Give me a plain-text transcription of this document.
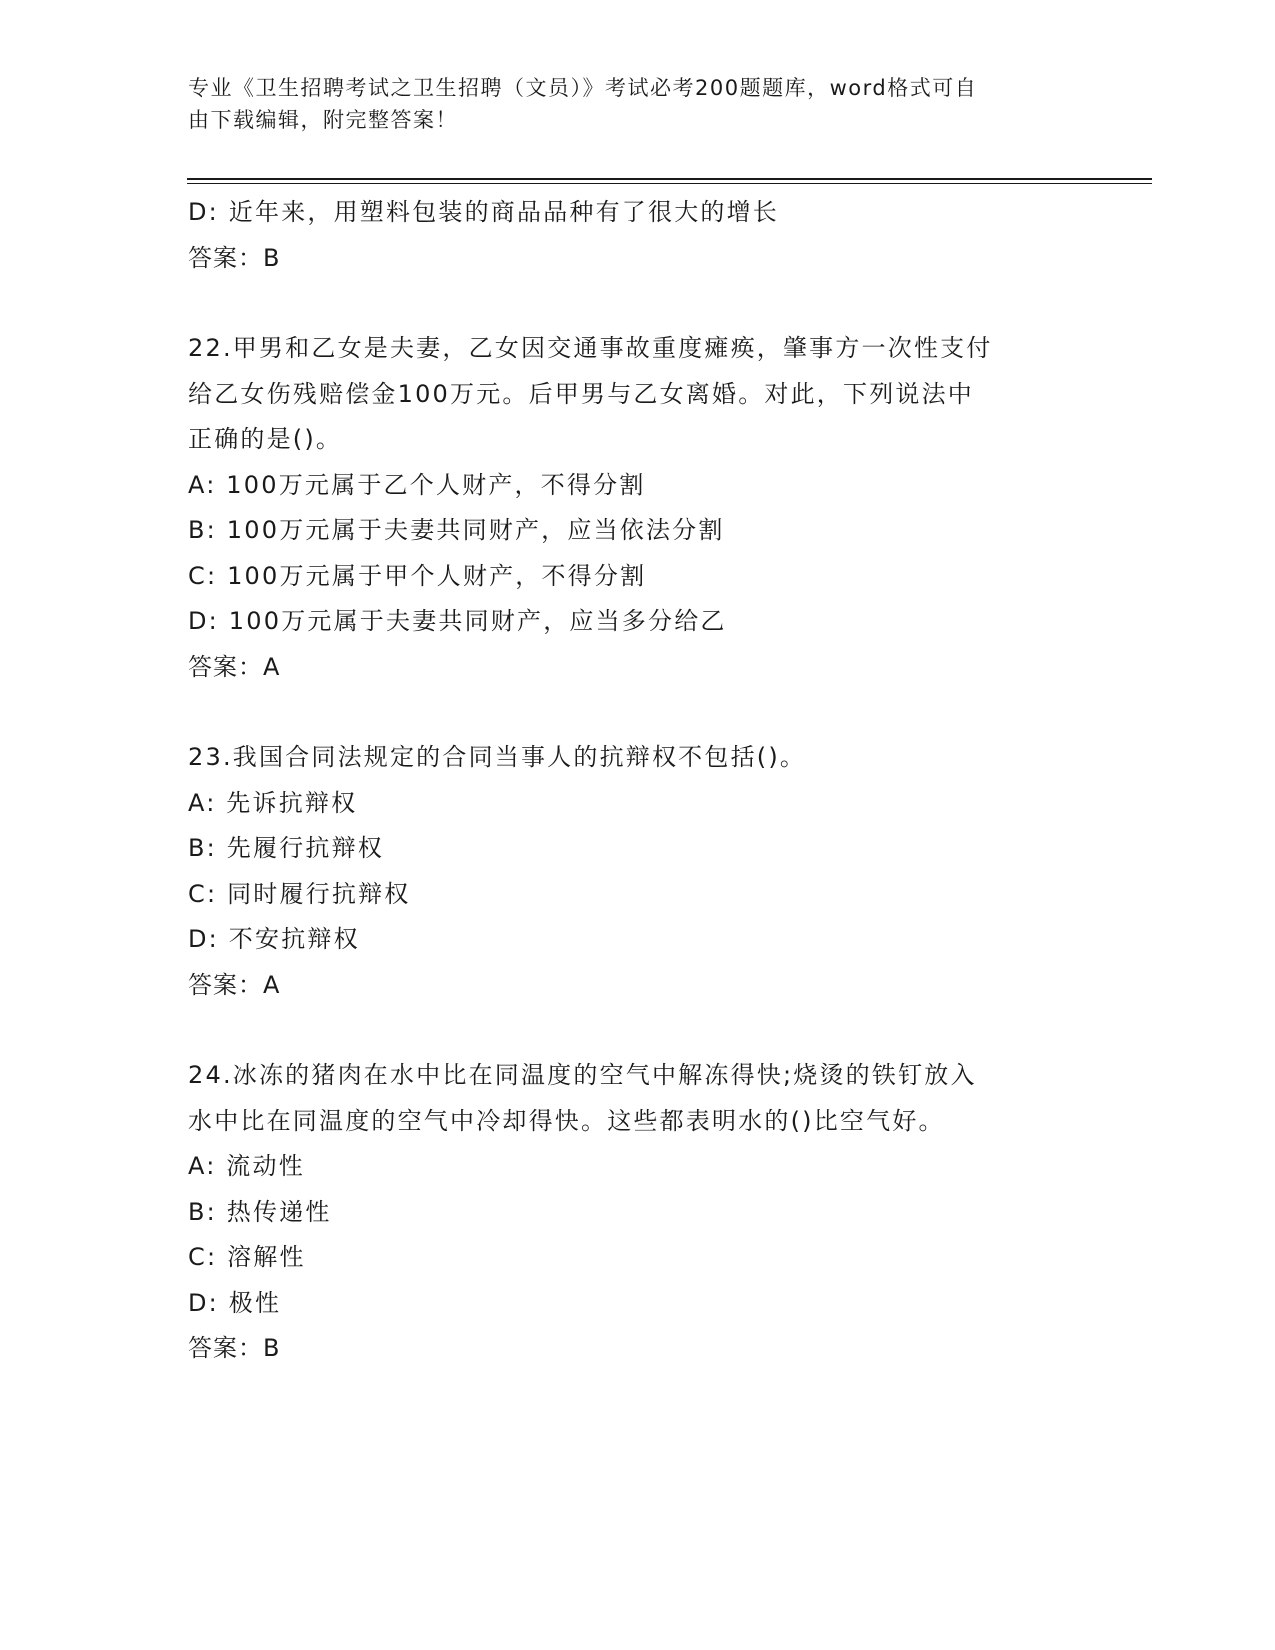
专业《卫生招聘考试之卫生招聘（文员）》考试必考200题题库，word格式可自
由下载编辑，附完整答案！
D: 近年来，用塑料包装的商品品种有了很大的增长
答案：B
22.甲男和乙女是夫妻，乙女因交通事故重度瘫痪，肇事方一次性支付
给乙女伤残赔偿金100万元。后甲男与乙女离婚。对此，下列说法中
正确的是()。
A: 100万元属于乙个人财产，不得分割
B: 100万元属于夫妻共同财产，应当依法分割
C: 100万元属于甲个人财产，不得分割
D: 100万元属于夫妻共同财产，应当多分给乙
答案：A
23.我国合同法规定的合同当事人的抗辩权不包括()。
A: 先诉抗辩权
B: 先履行抗辩权
C: 同时履行抗辩权
D: 不安抗辩权
答案：A
24.冰冻的猪肉在水中比在同温度的空气中解冻得快;烧烫的铁钉放入
水中比在同温度的空气中冷却得快。这些都表明水的()比空气好。
A: 流动性
B: 热传递性
C: 溶解性
D: 极性
答案：B
